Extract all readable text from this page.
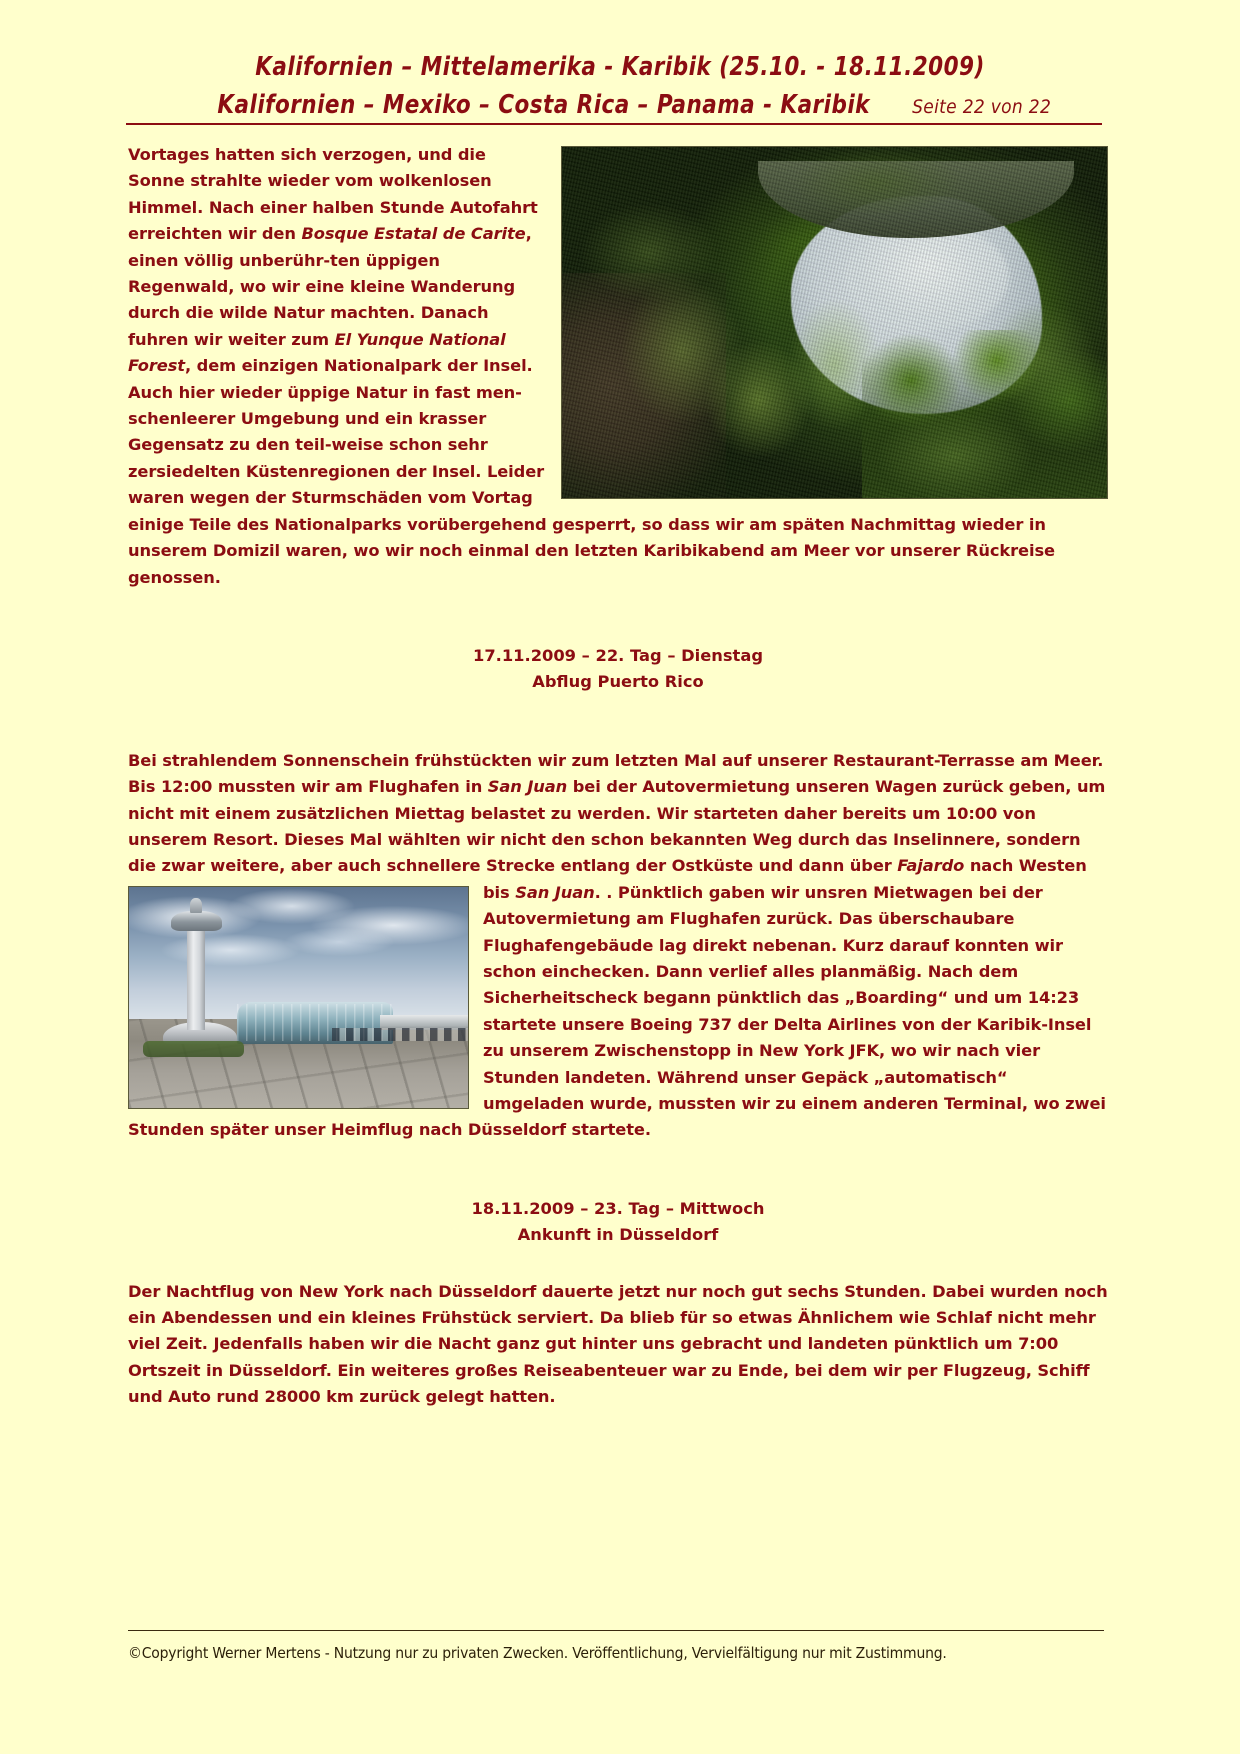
Kalifornien – Mittelamerika - Karibik (25.10. - 18.11.2009)
Kalifornien – Mexiko – Costa Rica – Panama - Karibik Seite 22 von 22
Vortages hatten sich verzogen, und die Sonne strahlte wieder vom wolkenlosen Himmel. Nach einer halben Stunde Autofahrt erreichten wir den Bosque Estatal de Carite, einen völlig unberühr-ten üppigen Regenwald, wo wir eine kleine Wanderung durch die wilde Natur machten. Danach fuhren wir weiter zum El Yunque National Forest, dem einzigen Nationalpark der Insel. Auch hier wieder üppige Natur in fast men-schenleerer Umgebung und ein krasser Gegensatz zu den teil-weise schon sehr zersiedelten Küstenregionen der Insel. Leider waren wegen der Sturmschäden vom Vortag einige Teile des Nationalparks vorübergehend gesperrt, so dass wir am späten Nachmittag wieder in unserem Domizil waren, wo wir noch einmal den letzten Karibikabend am Meer vor unserer Rückreise genossen.
17.11.2009 – 22. Tag – Dienstag
Abflug Puerto Rico
Bei strahlendem Sonnenschein frühstückten wir zum letzten Mal auf unserer Restaurant-Terrasse am Meer. Bis 12:00 mussten wir am Flughafen in San Juan bei der Autovermietung unseren Wagen zurück geben, um nicht mit einem zusätzlichen Miettag belastet zu werden. Wir starteten daher bereits um 10:00 von unserem Resort. Dieses Mal wählten wir nicht den schon bekannten Weg durch das Inselinnere, sondern die zwar weitere, aber auch schnellere Strecke entlang der Ostküste und dann über Fajardo nach Westen bis San Juan. . Pünktlich gaben wir unsren Mietwagen bei der Autovermietung am Flughafen zurück. Das überschaubare Flughafengebäude lag direkt nebenan. Kurz darauf konnten wir schon einchecken. Dann verlief alles planmäßig. Nach dem Sicherheitscheck begann pünktlich das „Boarding“ und um 14:23 startete unsere Boeing 737 der Delta Airlines von der Karibik-Insel zu unserem Zwischenstopp in New York JFK, wo wir nach vier Stunden landeten. Während unser Gepäck „automatisch“ umgeladen wurde, mussten wir zu einem anderen Terminal, wo zwei Stunden später unser Heimflug nach Düsseldorf startete.
18.11.2009 – 23. Tag – Mittwoch
Ankunft in Düsseldorf
Der Nachtflug von New York nach Düsseldorf dauerte jetzt nur noch gut sechs Stunden. Dabei wurden noch ein Abendessen und ein kleines Frühstück serviert. Da blieb für so etwas Ähnlichem wie Schlaf nicht mehr viel Zeit. Jedenfalls haben wir die Nacht ganz gut hinter uns gebracht und landeten pünktlich um 7:00 Ortszeit in Düsseldorf. Ein weiteres großes Reiseabenteuer war zu Ende, bei dem wir per Flugzeug, Schiff und Auto rund 28000 km zurück gelegt hatten.
©Copyright Werner Mertens - Nutzung nur zu privaten Zwecken. Veröffentlichung, Vervielfältigung nur mit Zustimmung.
